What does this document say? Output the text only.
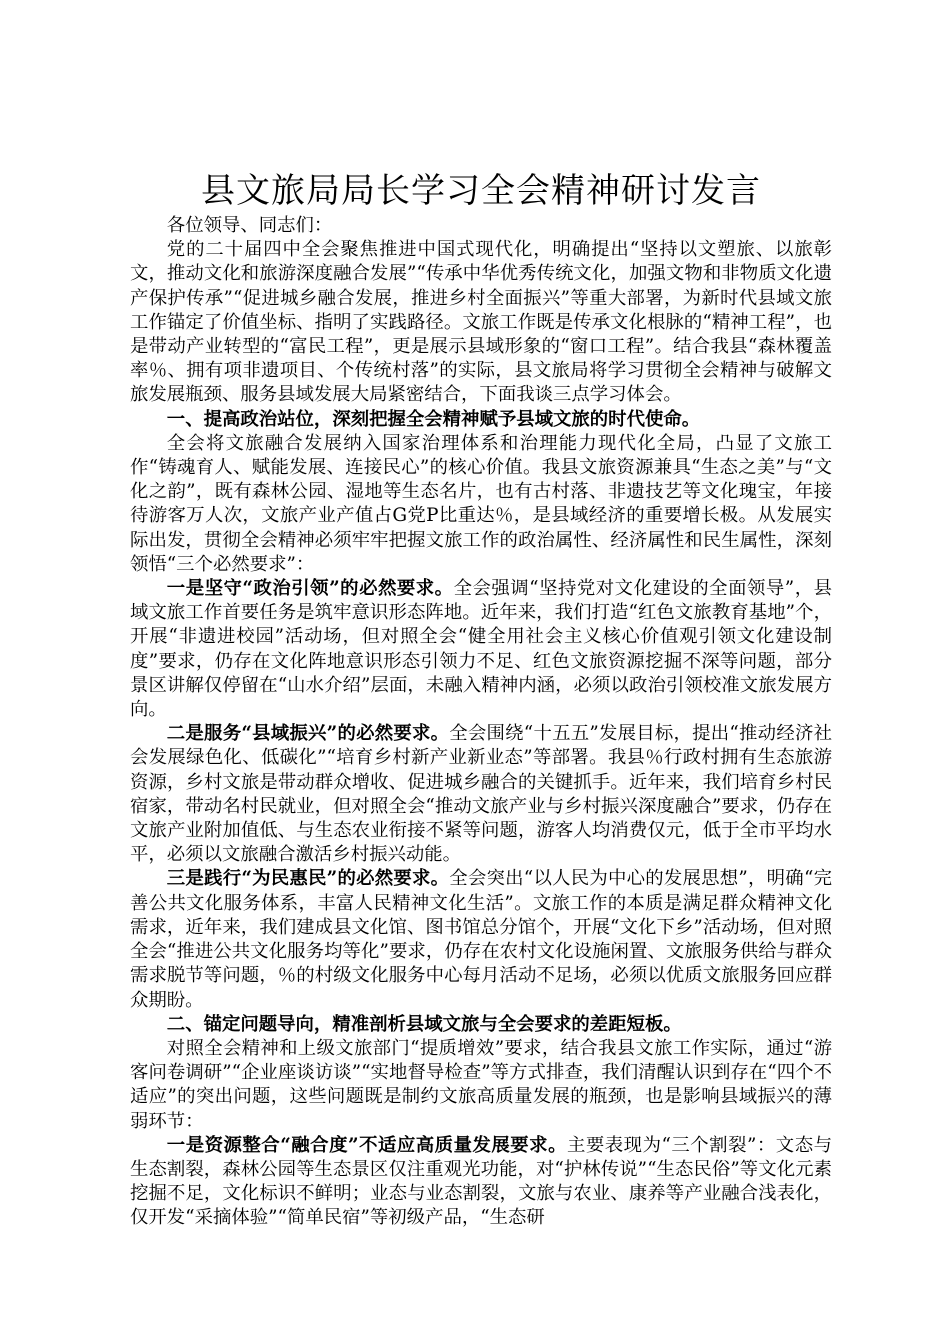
县文旅局局长学习全会精神研讨发言

各位领导、同志们：

党的二十届四中全会聚焦推进中国式现代化，明确提出“坚持以文塑旅、以旅彰文，推动文化和旅游深度融合发展”“传承中华优秀传统文化，加强文物和非物质文化遗产保护传承”“促进城乡融合发展，推进乡村全面振兴”等重大部署，为新时代县域文旅工作锚定了价值坐标、指明了实践路径。文旅工作既是传承文化根脉的“精神工程”，也是带动产业转型的“富民工程”，更是展示县域形象的“窗口工程”。结合我县“森林覆盖率％、拥有项非遗项目、个传统村落”的实际，县文旅局将学习贯彻全会精神与破解文旅发展瓶颈、服务县域发展大局紧密结合，下面我谈三点学习体会。

一、提高政治站位，深刻把握全会精神赋予县域文旅的时代使命。

全会将文旅融合发展纳入国家治理体系和治理能力现代化全局，凸显了文旅工作“铸魂育人、赋能发展、连接民心”的核心价值。我县文旅资源兼具“生态之美”与“文化之韵”，既有森林公园、湿地等生态名片，也有古村落、非遗技艺等文化瑰宝，年接待游客万人次，文旅产业产值占G党P比重达％，是县域经济的重要增长极。从发展实际出发，贯彻全会精神必须牢牢把握文旅工作的政治属性、经济属性和民生属性，深刻领悟“三个必然要求”：

一是坚守“政治引领”的必然要求。全会强调“坚持党对文化建设的全面领导”，县域文旅工作首要任务是筑牢意识形态阵地。近年来，我们打造“红色文旅教育基地”个，开展“非遗进校园”活动场，但对照全会“健全用社会主义核心价值观引领文化建设制度”要求，仍存在文化阵地意识形态引领力不足、红色文旅资源挖掘不深等问题，部分景区讲解仅停留在“山水介绍”层面，未融入精神内涵，必须以政治引领校准文旅发展方向。

二是服务“县域振兴”的必然要求。全会围绕“十五五”发展目标，提出“推动经济社会发展绿色化、低碳化”“培育乡村新产业新业态”等部署。我县％行政村拥有生态旅游资源，乡村文旅是带动群众增收、促进城乡融合的关键抓手。近年来，我们培育乡村民宿家，带动名村民就业，但对照全会“推动文旅产业与乡村振兴深度融合”要求，仍存在文旅产业附加值低、与生态农业衔接不紧等问题，游客人均消费仅元，低于全市平均水平，必须以文旅融合激活乡村振兴动能。

三是践行“为民惠民”的必然要求。全会突出“以人民为中心的发展思想”，明确“完善公共文化服务体系，丰富人民精神文化生活”。文旅工作的本质是满足群众精神文化需求，近年来，我们建成县文化馆、图书馆总分馆个，开展“文化下乡”活动场，但对照全会“推进公共文化服务均等化”要求，仍存在农村文化设施闲置、文旅服务供给与群众需求脱节等问题，％的村级文化服务中心每月活动不足场，必须以优质文旅服务回应群众期盼。

二、锚定问题导向，精准剖析县域文旅与全会要求的差距短板。

对照全会精神和上级文旅部门“提质增效”要求，结合我县文旅工作实际，通过“游客问卷调研”“企业座谈访谈”“实地督导检查”等方式排查，我们清醒认识到存在“四个不适应”的突出问题，这些问题既是制约文旅高质量发展的瓶颈，也是影响县域振兴的薄弱环节：

一是资源整合“融合度”不适应高质量发展要求。主要表现为“三个割裂”：文态与生态割裂，森林公园等生态景区仅注重观光功能，对“护林传说”“生态民俗”等文化元素挖掘不足，文化标识不鲜明；业态与业态割裂，文旅与农业、康养等产业融合浅表化，仅开发“采摘体验”“简单民宿”等初级产品，“生态研
